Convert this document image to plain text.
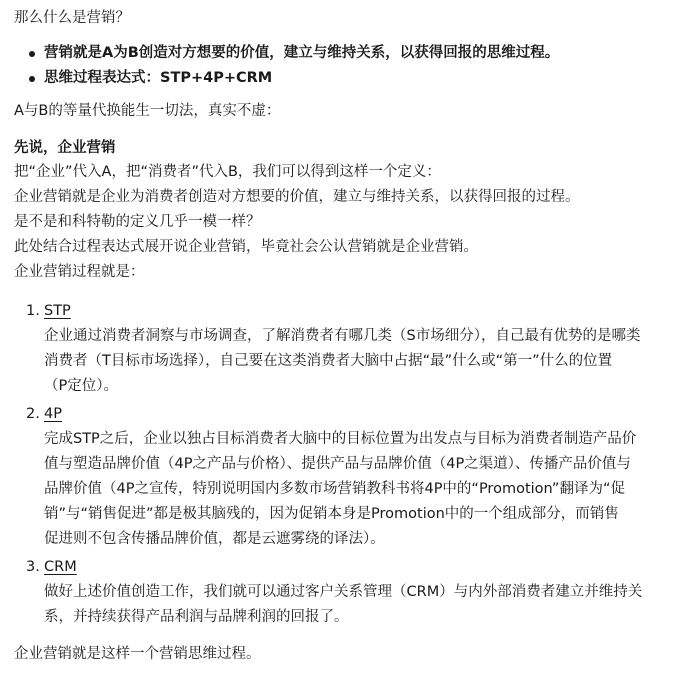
那么什么是营销？
营销就是A为B创造对方想要的价值，建立与维持关系，以获得回报的思维过程。
思维过程表达式：STP+4P+CRM
A与B的等量代换能生一切法，真实不虚：
先说，企业营销
把“企业”代入A，把“消费者”代入B，我们可以得到这样一个定义：
企业营销就是企业为消费者创造对方想要的价值，建立与维持关系，以获得回报的过程。
是不是和科特勒的定义几乎一模一样？
此处结合过程表达式展开说企业营销，毕竟社会公认营销就是企业营销。
企业营销过程就是：
1. STP
企业通过消费者洞察与市场调查，了解消费者有哪几类（S市场细分），自己最有优势的是哪类
消费者（T目标市场选择），自己要在这类消费者大脑中占据“最”什么或“第一”什么的位置
（P定位）。
2. 4P
完成STP之后，企业以独占目标消费者大脑中的目标位置为出发点与目标为消费者制造产品价
值与塑造品牌价值（4P之产品与价格）、提供产品与品牌价值（4P之渠道）、传播产品价值与
品牌价值（4P之宣传，特别说明国内多数市场营销教科书将4P中的“Promotion”翻译为“促
销”与“销售促进”都是极其脑残的，因为促销本身是Promotion中的一个组成部分，而销售
促进则不包含传播品牌价值，都是云遮雾绕的译法）。
3. CRM
做好上述价值创造工作，我们就可以通过客户关系管理（CRM）与内外部消费者建立并维持关
系，并持续获得产品利润与品牌利润的回报了。
企业营销就是这样一个营销思维过程。
